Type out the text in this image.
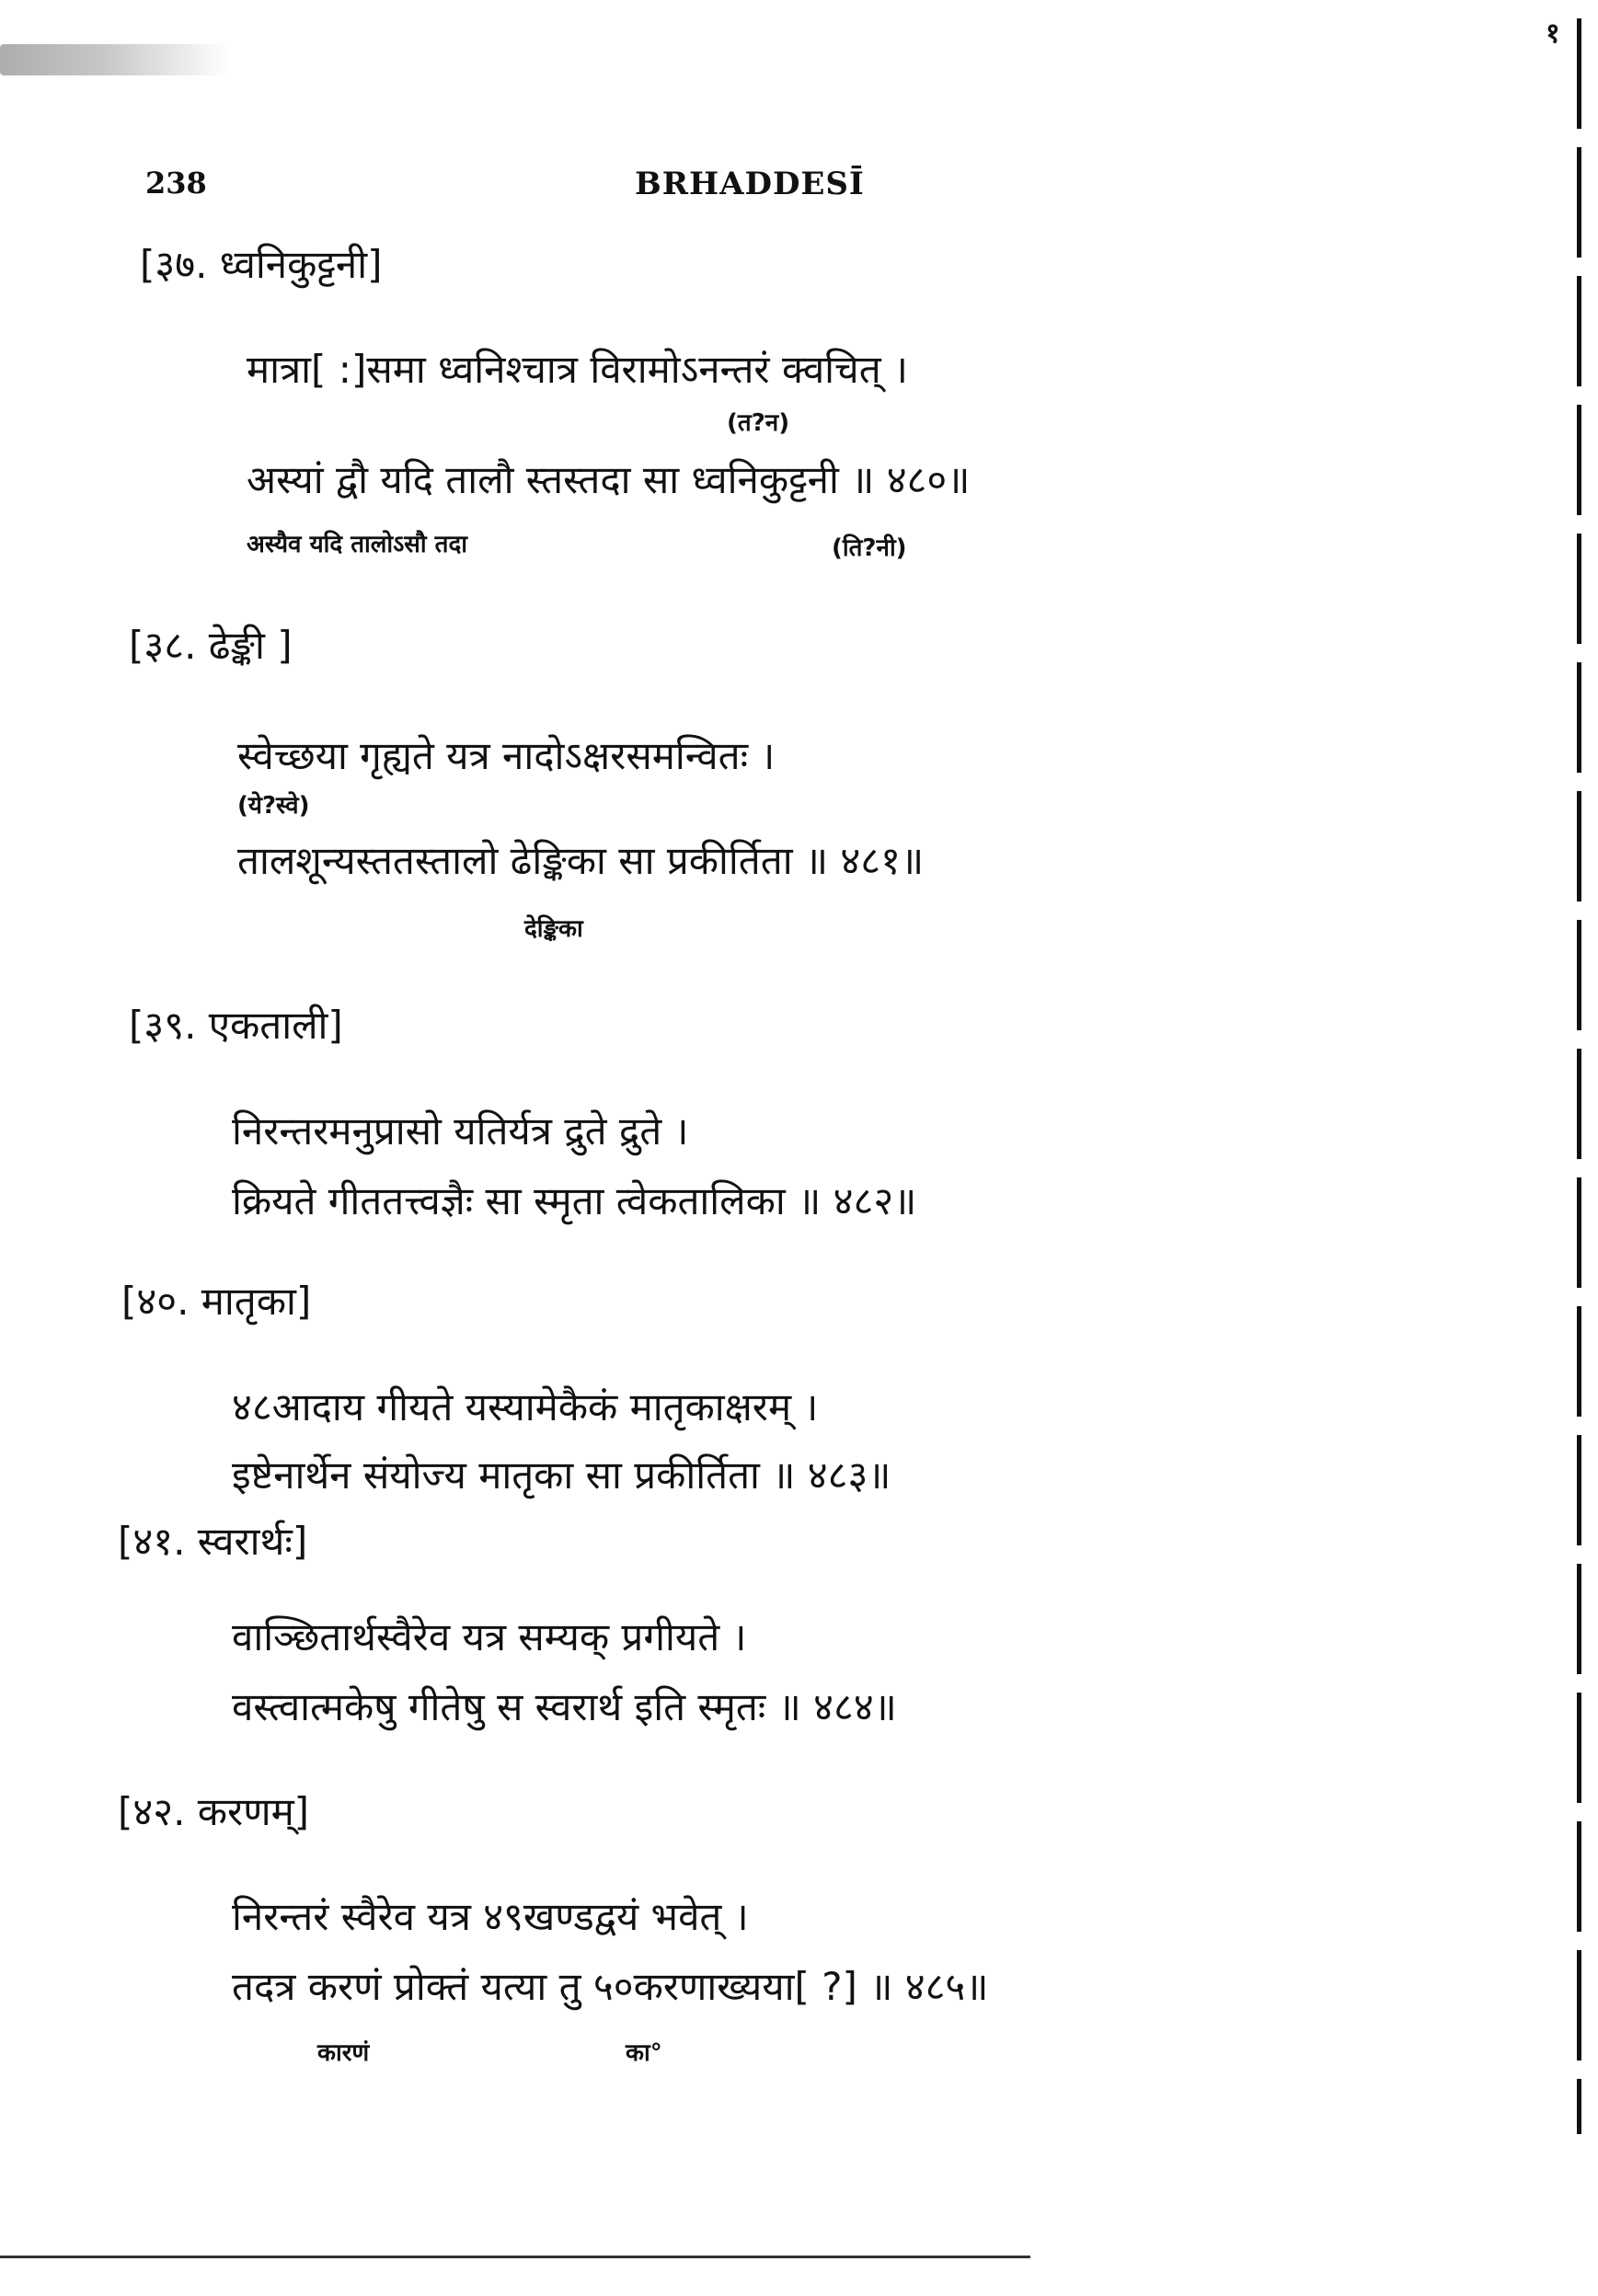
१
238	BRHADDESĪ
[३७. ध्वनिकुट्टनी]
मात्रा[ :]समा ध्वनिश्चात्र विरामोऽनन्तरं क्वचित् ।
(त?न)
अस्यां द्वौ यदि तालौ स्तस्तदा सा ध्वनिकुट्टनी ॥ ४८०॥
अस्यैव यदि तालोऽसौ तदा	(ति?नी)
[३८. ढेङ्की ]
स्वेच्छया गृह्यते यत्र नादोऽक्षरसमन्वितः ।
(ये?स्वे)
तालशून्यस्ततस्तालो ढेङ्किका सा प्रकीर्तिता ॥ ४८१॥
देङ्किका
[३९. एकताली]
निरन्तरमनुप्रासो यतिर्यत्र द्रुते द्रुते ।
क्रियते गीततत्त्वज्ञैः सा स्मृता त्वेकतालिका ॥ ४८२॥
[४०. मातृका]
४८आदाय गीयते यस्यामेकैकं मातृकाक्षरम् ।
इष्टेनार्थेन संयोज्य मातृका सा प्रकीर्तिता ॥ ४८३॥
[४१. स्वरार्थः]
वाञ्छितार्थस्वैरेव यत्र सम्यक् प्रगीयते ।
वस्त्वात्मकेषु गीतेषु स स्वरार्थ इति स्मृतः ॥ ४८४॥
[४२. करणम्]
निरन्तरं स्वैरेव यत्र ४९खण्डद्वयं भवेत् ।
तदत्र करणं प्रोक्तं यत्या तु ५०करणाख्यया[ ?] ॥ ४८५॥
कारणं	का°
